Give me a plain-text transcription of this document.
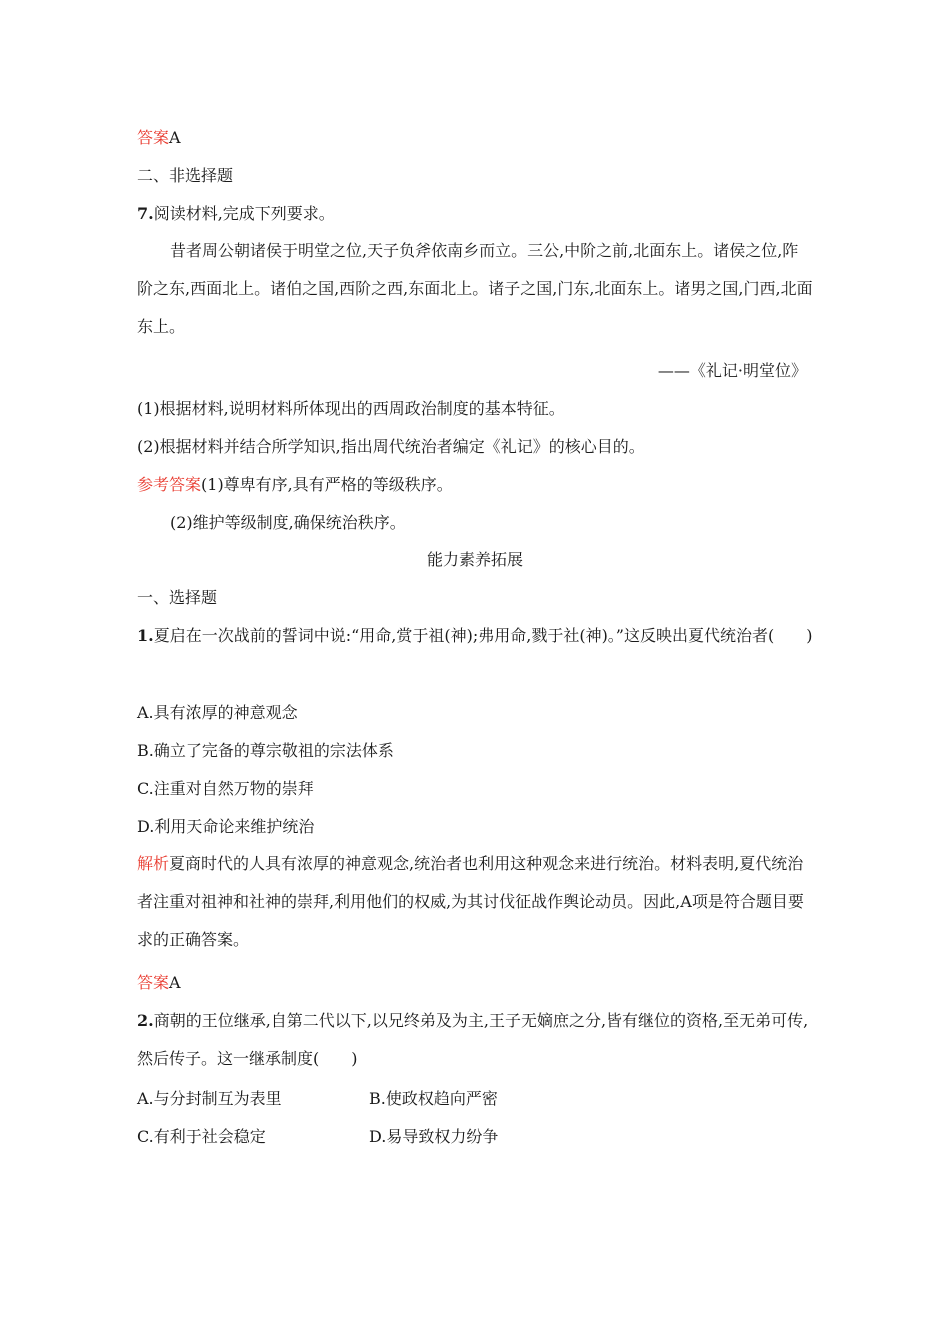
答案A
二、非选择题
7.阅读材料,完成下列要求。
昔者周公朝诸侯于明堂之位,天子负斧依南乡而立。三公,中阶之前,北面东上。诸侯之位,阼阶之东,西面北上。诸伯之国,西阶之西,东面北上。诸子之国,门东,北面东上。诸男之国,门西,北面东上。
——《礼记·明堂位》
(1)根据材料,说明材料所体现出的西周政治制度的基本特征。
(2)根据材料并结合所学知识,指出周代统治者编定《礼记》的核心目的。
参考答案(1)尊卑有序,具有严格的等级秩序。
(2)维护等级制度,确保统治秩序。
能力素养拓展
一、选择题
1.夏启在一次战前的誓词中说:“用命,赏于祖(神);弗用命,戮于社(神)。”这反映出夏代统治者(　　)
A.具有浓厚的神意观念
B.确立了完备的尊宗敬祖的宗法体系
C.注重对自然万物的崇拜
D.利用天命论来维护统治
解析夏商时代的人具有浓厚的神意观念,统治者也利用这种观念来进行统治。材料表明,夏代统治者注重对祖神和社神的崇拜,利用他们的权威,为其讨伐征战作舆论动员。因此,A项是符合题目要求的正确答案。
答案A
2.商朝的王位继承,自第二代以下,以兄终弟及为主,王子无嫡庶之分,皆有继位的资格,至无弟可传,然后传子。这一继承制度(　　)
A.与分封制互为表里	B.使政权趋向严密
C.有利于社会稳定	D.易导致权力纷争
